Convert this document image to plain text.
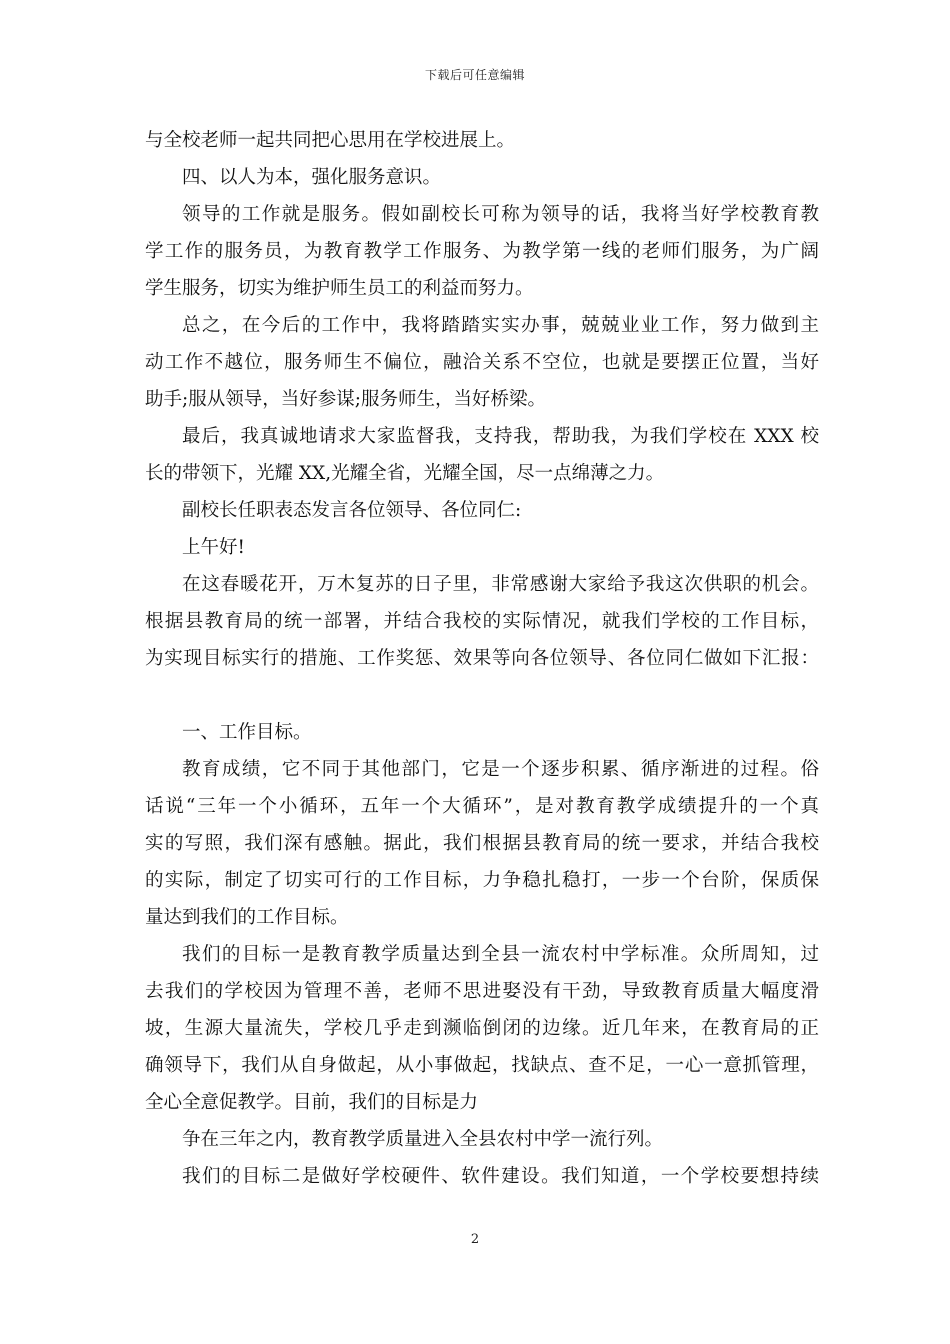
下载后可任意编辑
与全校老师一起共同把心思用在学校进展上。
四、以人为本，强化服务意识。
领导的工作就是服务。假如副校长可称为领导的话，我将当好学校教育教
学工作的服务员，为教育教学工作服务、为教学第一线的老师们服务，为广阔
学生服务，切实为维护师生员工的利益而努力。
总之，在今后的工作中，我将踏踏实实办事，兢兢业业工作，努力做到主
动工作不越位，服务师生不偏位，融洽关系不空位，也就是要摆正位置，当好
助手;服从领导，当好参谋;服务师生，当好桥梁。
最后，我真诚地请求大家监督我，支持我，帮助我，为我们学校在 XXX 校
长的带领下，光耀 XX,光耀全省，光耀全国，尽一点绵薄之力。
副校长任职表态发言各位领导、各位同仁:
上午好!
在这春暖花开，万木复苏的日子里，非常感谢大家给予我这次供职的机会。
根据县教育局的统一部署，并结合我校的实际情况，就我们学校的工作目标，
为实现目标实行的措施、工作奖惩、效果等向各位领导、各位同仁做如下汇报：
一、工作目标。
教育成绩，它不同于其他部门，它是一个逐步积累、循序渐进的过程。俗
话说“三年一个小循环，五年一个大循环”，是对教育教学成绩提升的一个真
实的写照，我们深有感触。据此，我们根据县教育局的统一要求，并结合我校
的实际，制定了切实可行的工作目标，力争稳扎稳打，一步一个台阶，保质保
量达到我们的工作目标。
我们的目标一是教育教学质量达到全县一流农村中学标准。众所周知，过
去我们的学校因为管理不善，老师不思进娶没有干劲，导致教育质量大幅度滑
坡，生源大量流失，学校几乎走到濒临倒闭的边缘。近几年来，在教育局的正
确领导下，我们从自身做起，从小事做起，找缺点、查不足，一心一意抓管理，
全心全意促教学。目前，我们的目标是力
争在三年之内，教育教学质量进入全县农村中学一流行列。
我们的目标二是做好学校硬件、软件建设。我们知道，一个学校要想持续
2
